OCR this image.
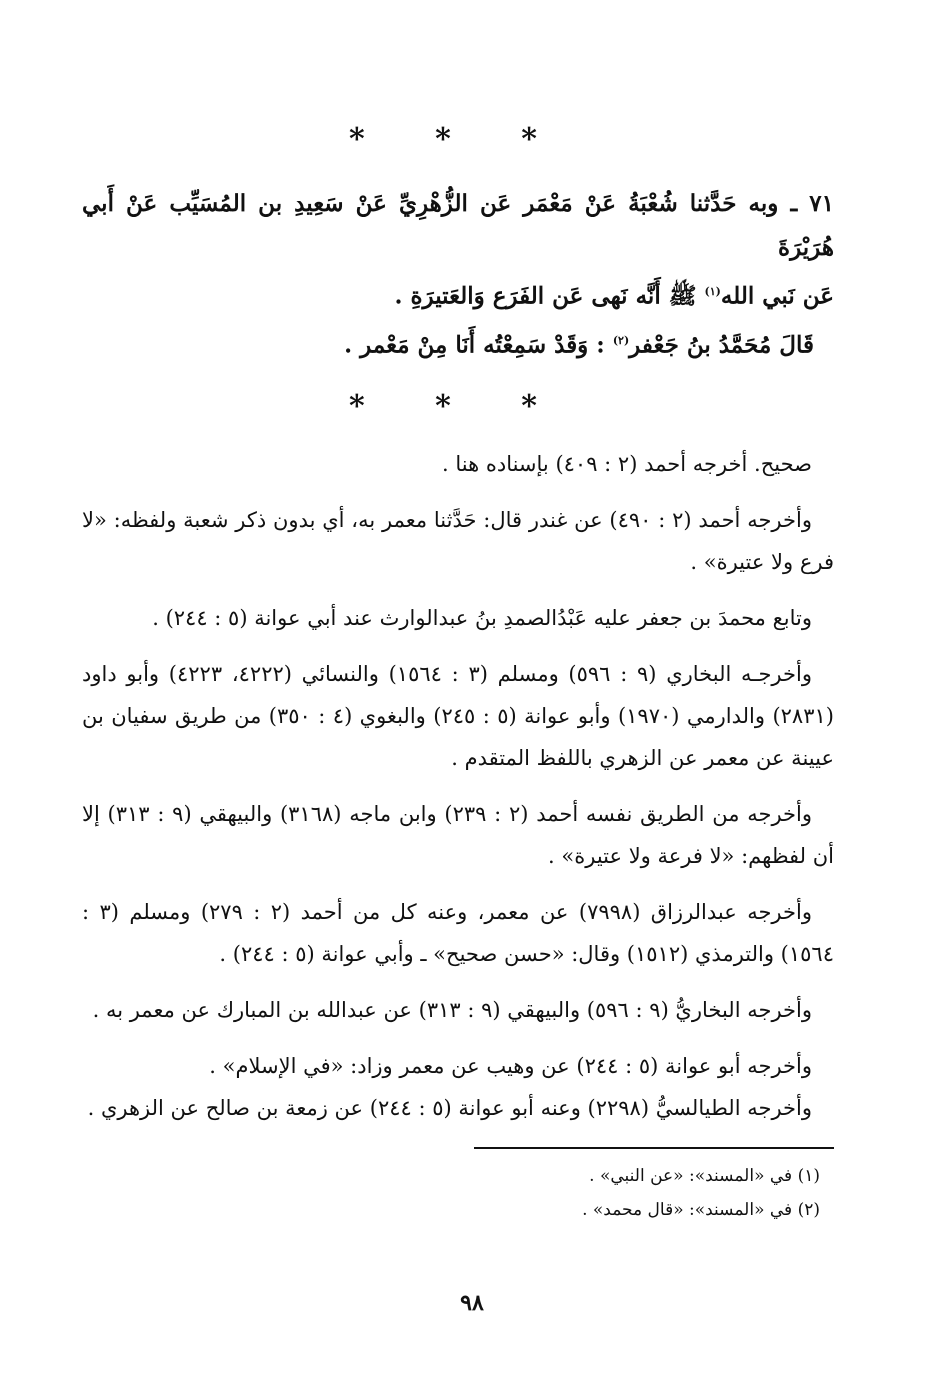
* * *

٧١ ـ وبه حَدَّثنا شُعْبَةُ عَنْ مَعْمَر عَن الزُّهْرِيِّ عَنْ سَعِيدِ بن المُسَيِّب عَنْ أَبي هُرَيْرَةَ

عَن نَبي الله$^{(١)}$ ﷺ أَنَّه نَهى عَن الفَرَع وَالعَتيرَةِ .

قَالَ مُحَمَّدُ بنُ جَعْفر$^{(٢)}$ : وَقَدْ سَمِعْتُه أَنَا مِنْ مَعْمر .

* * *

صحيح. أخرجه أحمد (٢ : ٤٠٩) بإسناده هنا .

وأخرجه أحمد (٢ : ٤٩٠) عن غندر قال: حَدَّثنا معمر به، أي بدون ذكر شعبة ولفظه: «لا فرع ولا عتيرة» .

وتابع محمدَ بن جعفر عليه عَبْدُالصمدِ بنُ عبدالوارث عند أبي عوانة (٥ : ٢٤٤) .

وأخرجـه البخاري (٩ : ٥٩٦) ومسلم (٣ : ١٥٦٤) والنسائي (٤٢٢٢، ٤٢٢٣) وأبو داود (٢٨٣١) والدارمي (١٩٧٠) وأبو عوانة (٥ : ٢٤٥) والبغوي (٤ : ٣٥٠) من طريق سفيان بن عيينة عن معمر عن الزهري باللفظ المتقدم .

وأخرجه من الطريق نفسه أحمد (٢ : ٢٣٩) وابن ماجه (٣١٦٨) والبيهقي (٩ : ٣١٣) إلا أن لفظهم: «لا فرعة ولا عتيرة» .

وأخرجه عبدالرزاق (٧٩٩٨) عن معمر، وعنه كل من أحمد (٢ : ٢٧٩) ومسلم (٣ : ١٥٦٤) والترمذي (١٥١٢) وقال: «حسن صحيح» ـ وأبي عوانة (٥ : ٢٤٤) .

وأخرجه البخاريُّ (٩ : ٥٩٦) والبيهقي (٩ : ٣١٣) عن عبدالله بن المبارك عن معمر به .

وأخرجه أبو عوانة (٥ : ٢٤٤) عن وهيب عن معمر وزاد: «في الإسلام» .

وأخرجه الطيالسيُّ (٢٢٩٨) وعنه أبو عوانة (٥ : ٢٤٤) عن زمعة بن صالح عن الزهري .

(١) في «المسند»: «عن النبي» .

(٢) في «المسند»: «قال محمد» .

٩٨
